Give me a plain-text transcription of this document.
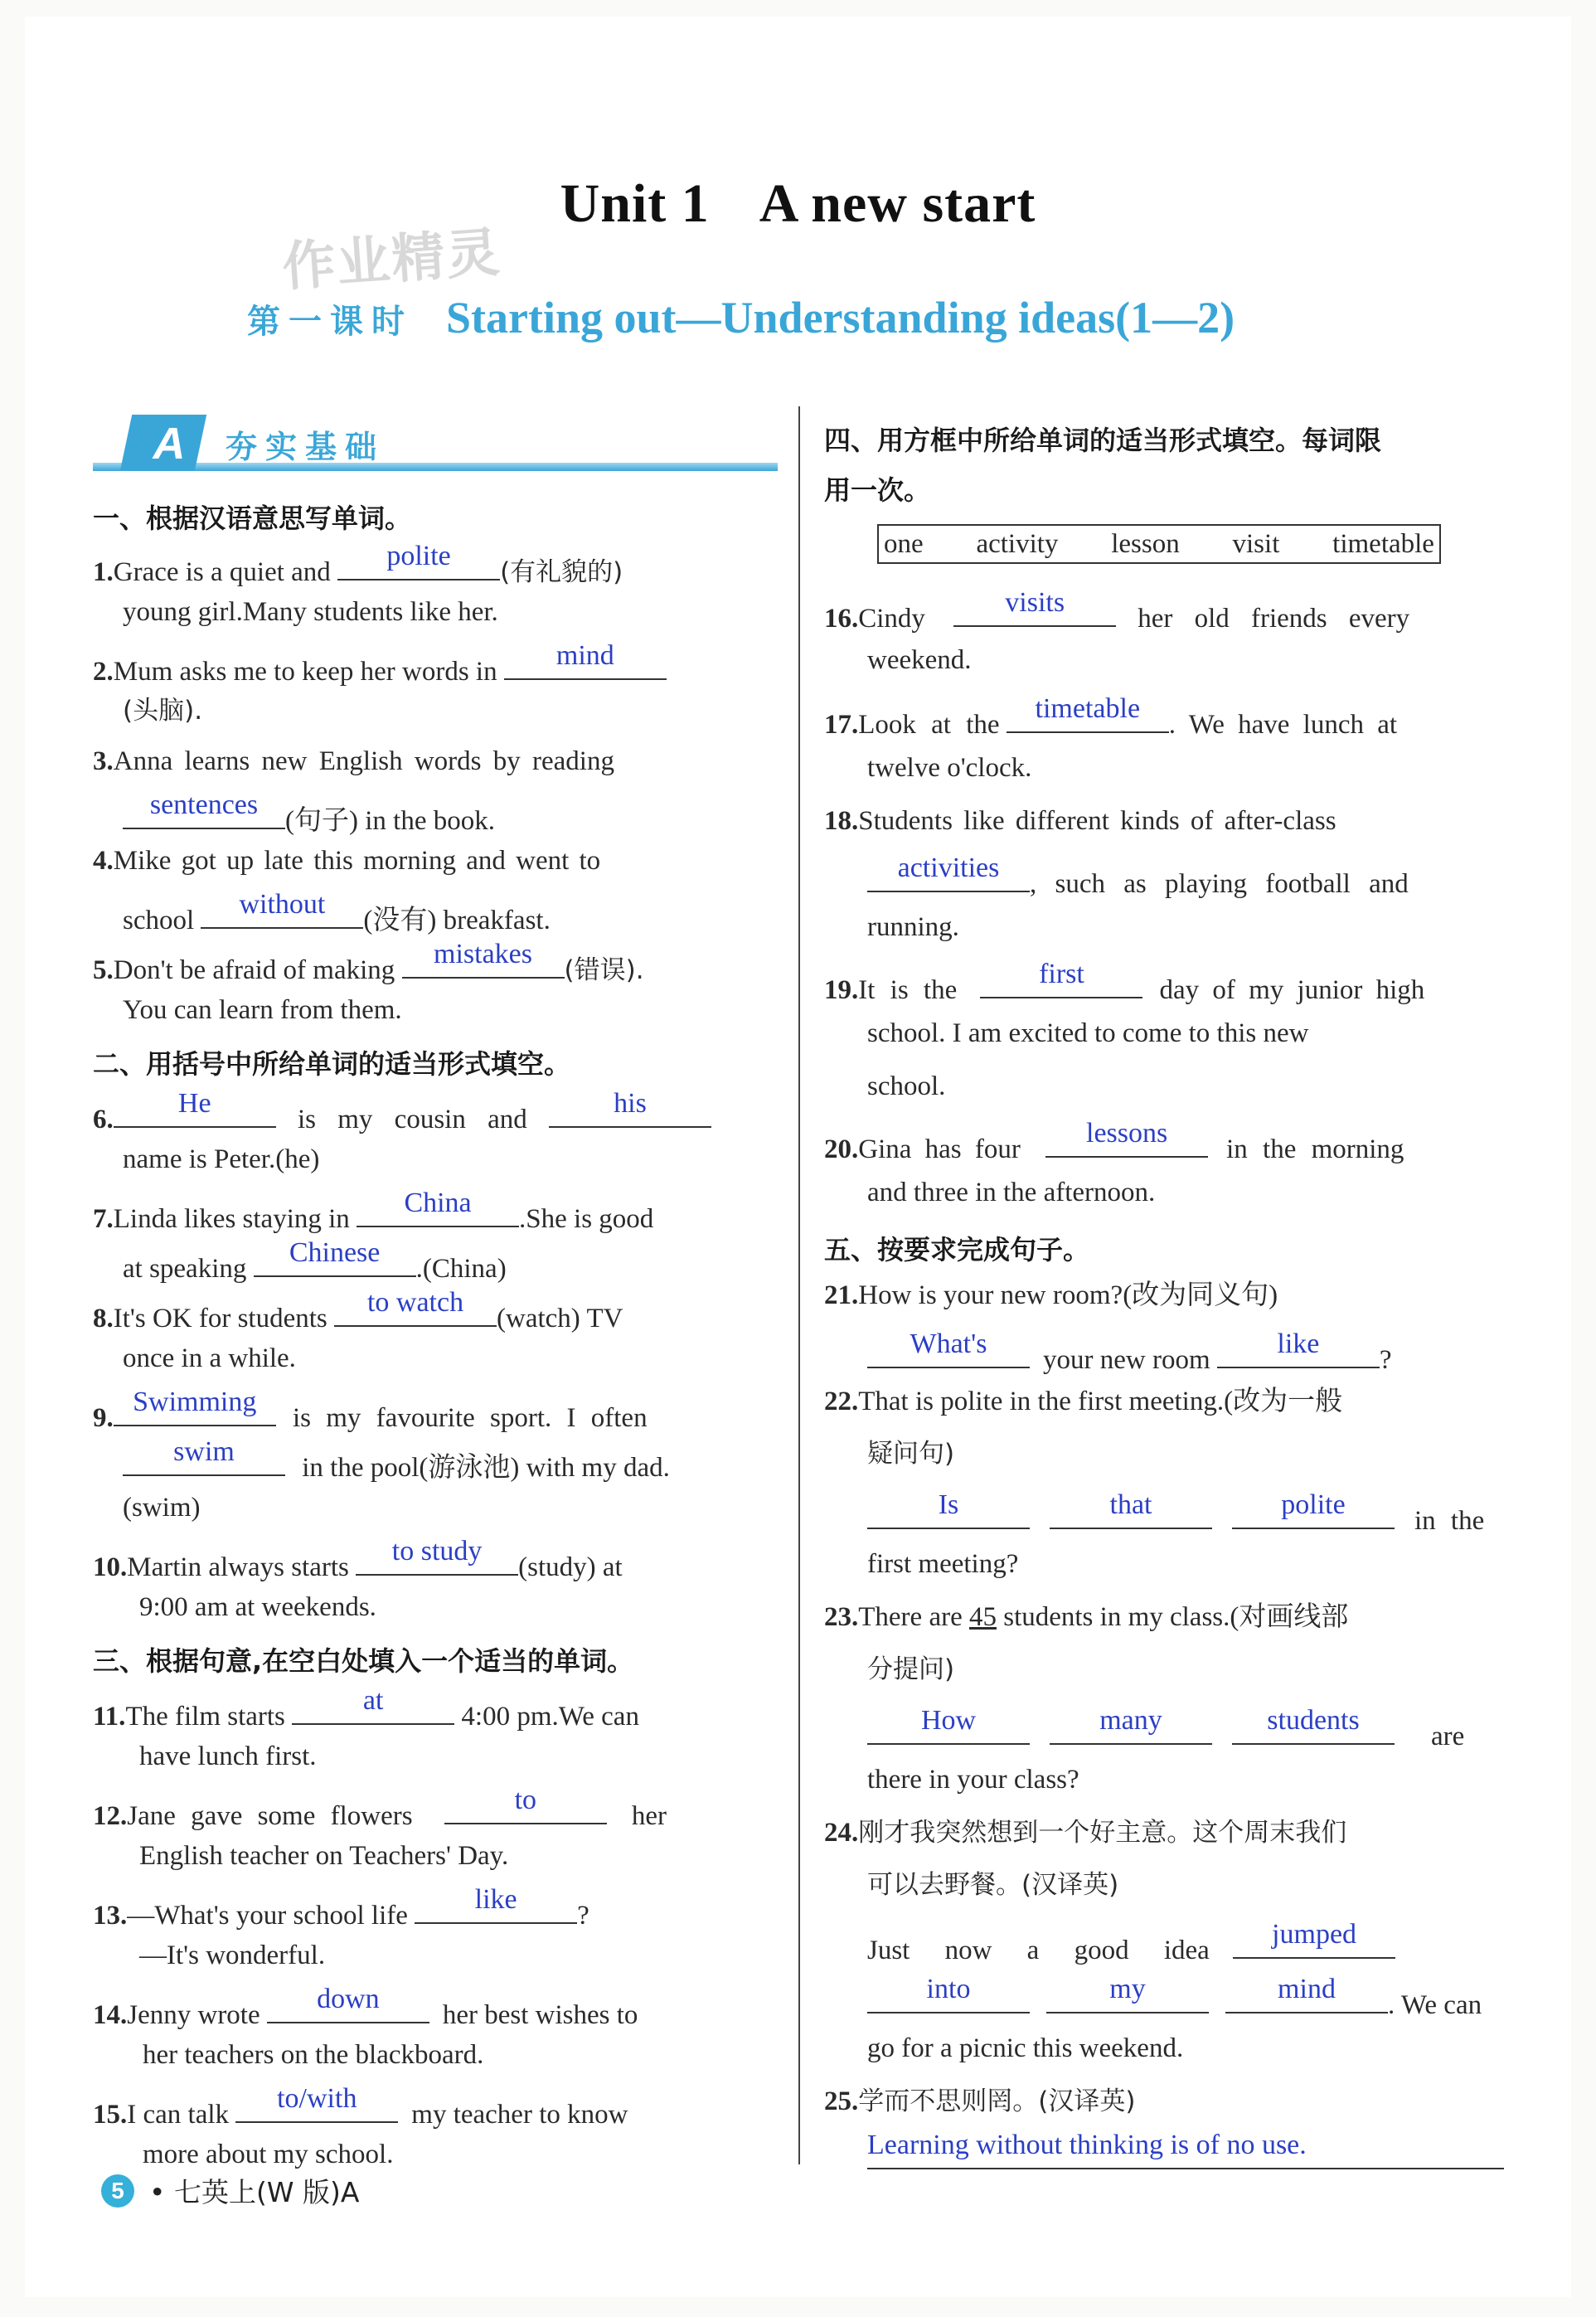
作业精灵
Unit 1 A new start
第一课时 Starting out—Understanding ideas(1—2)
A 夯实基础
一、根据汉语意思写单词。
1.Grace is a quiet and
polite
(有礼貌的)
young girl.Many students like her.
2.Mum asks me to keep her words in
mind
(头脑).
3.Anna learns new English words by reading
sentences
(句子) in the book.
4.Mike got up late this morning and went to
school
without
(没有) breakfast.
5.Don't be afraid of making
mistakes
(错误).
You can learn from them.
二、用括号中所给单词的适当形式填空。
6.
He
is my cousin and
his
name is Peter.(he)
7.Linda likes staying in
China
.She is good
at speaking
Chinese
.(China)
8.It's OK for students
to watch
(watch) TV
once in a while.
9.
Swimming
is my favourite sport. I often
swim
in the pool(游泳池) with my dad.
(swim)
10.Martin always starts
to study
(study) at
9:00 am at weekends.
三、根据句意,在空白处填入一个适当的单词。
11.The film starts
at
4:00 pm.We can
have lunch first.
12.Jane gave some flowers
to
her
English teacher on Teachers' Day.
13.—What's your school life
like
?
—It's wonderful.
14.Jenny wrote
down
her best wishes to
her teachers on the blackboard.
15.I can talk
to/with
my teacher to know
more about my school.
四、用方框中所给单词的适当形式填空。每词限
用一次。
one activity lesson visit timetable
16.Cindy
visits
her old friends every
weekend.
17.Look at the
timetable
. We have lunch at
twelve o'clock.
18.Students like different kinds of after-class
activities
, such as playing football and
running.
19.It is the
first
day of my junior high
school. I am excited to come to this new
school.
20.Gina has four
lessons
in the morning
and three in the afternoon.
五、按要求完成句子。
21.How is your new room?(改为同义句)
What's
your new room
like
?
22.That is polite in the first meeting.(改为一般
疑问句)
Is	that	polite
in the
first meeting?
23.There are 45 students in my class.(对画线部
分提问)
How	many	students
are
there in your class?
24.刚才我突然想到一个好主意。这个周末我们
可以去野餐。(汉译英)
Just now a good idea
jumped
into	my	mind
. We can
go for a picnic this weekend.
25.学而不思则罔。(汉译英)
Learning without thinking is of no use.
5 • 七英上(W 版)A
